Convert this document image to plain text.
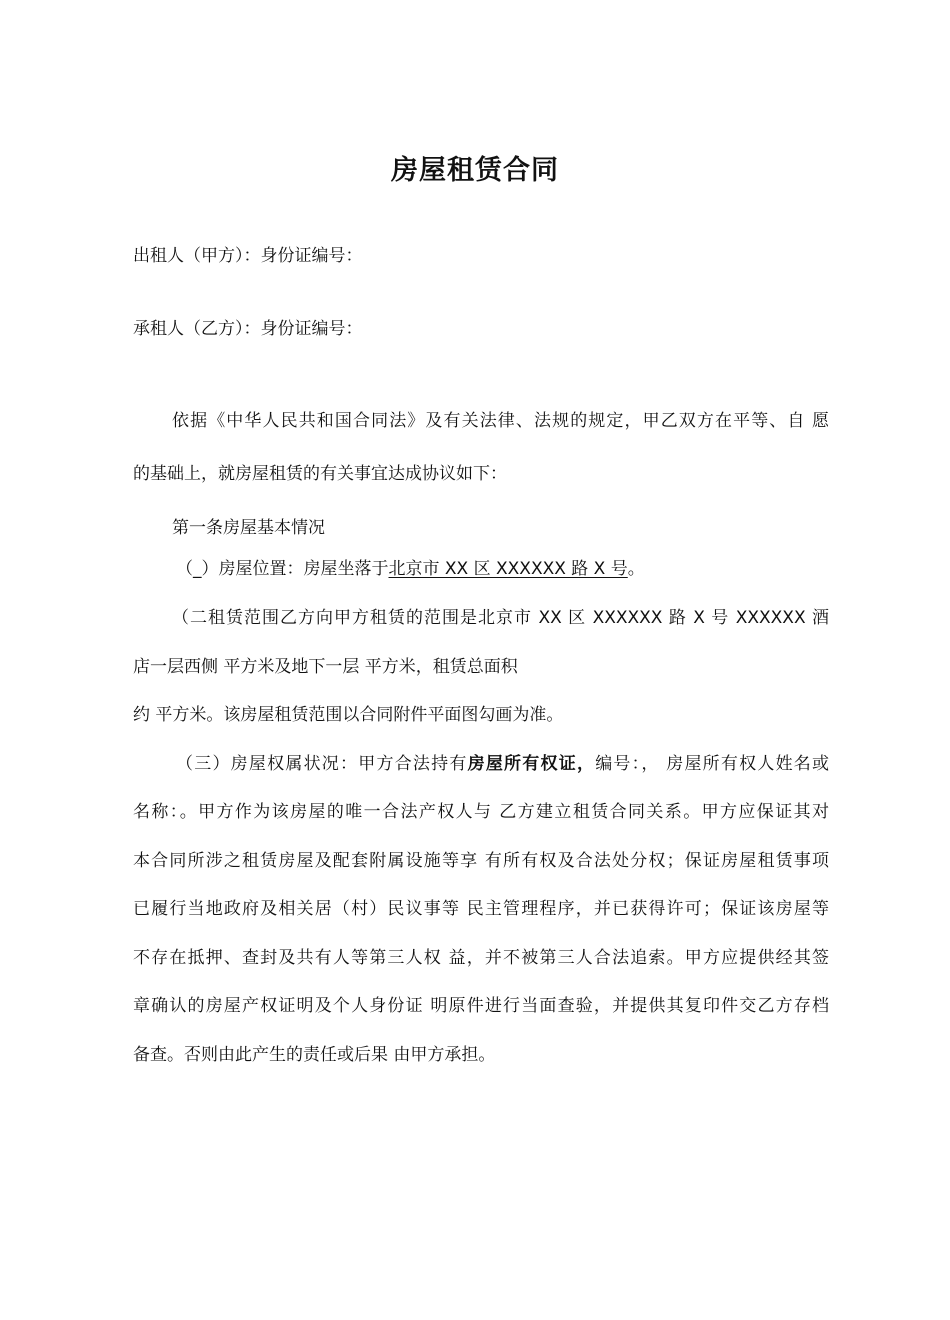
房屋租赁合同
出租人（甲方）：身份证编号：
承租人（乙方）：身份证编号：
依据《中华人民共和国合同法》及有关法律、法规的规定，甲乙双方在平等、自 愿
的基础上，就房屋租赁的有关事宜达成协议如下：
第一条房屋基本情况
（_）房屋位置：房屋坐落于北京市 XX 区 XXXXXX 路 X 号。
（二租赁范围乙方向甲方租赁的范围是北京市 XX 区 XXXXXX 路 X 号 XXXXXX 酒
店一层西侧 平方米及地下一层 平方米，租赁总面积
约 平方米。该房屋租赁范围以合同附件平面图勾画为准。
（三）房屋权属状况：甲方合法持有房屋所有权证，编号：， 房屋所有权人姓名或
名称：。甲方作为该房屋的唯一合法产权人与 乙方建立租赁合同关系。甲方应保证其对
本合同所涉之租赁房屋及配套附属设施等享 有所有权及合法处分权；保证房屋租赁事项
已履行当地政府及相关居（村）民议事等 民主管理程序，并已获得许可；保证该房屋等
不存在抵押、查封及共有人等第三人权 益，并不被第三人合法追索。甲方应提供经其签
章确认的房屋产权证明及个人身份证 明原件进行当面查验，并提供其复印件交乙方存档
备查。否则由此产生的责任或后果 由甲方承担。
